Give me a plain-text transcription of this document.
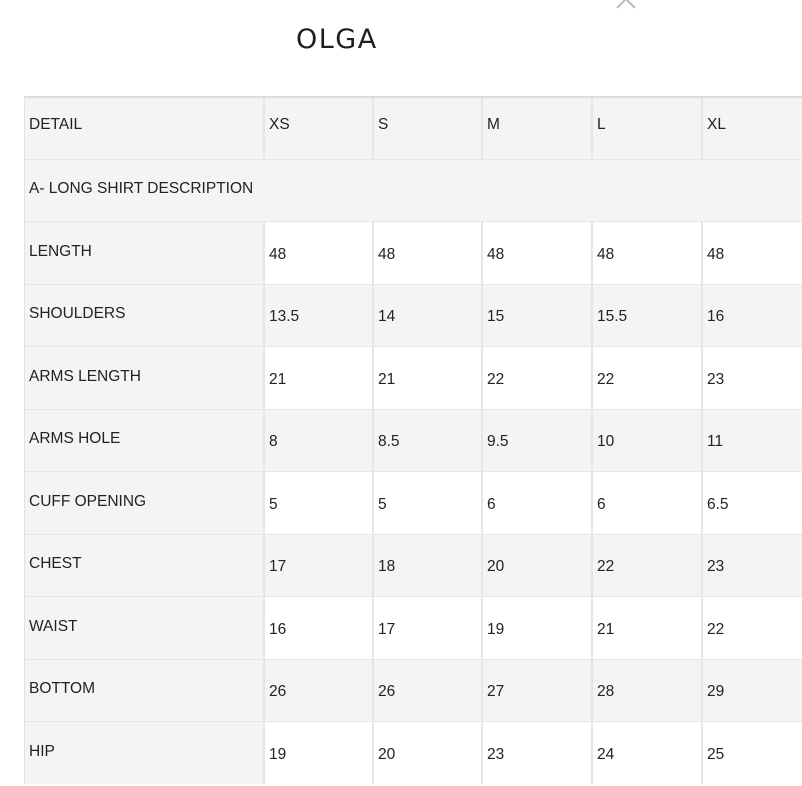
OLGA
DETAIL	XS	S	M	L	XL
A- LONG SHIRT DESCRIPTION
LENGTH	48	48	48	48	48
SHOULDERS	13.5	14	15	15.5	16
ARMS LENGTH	21	21	22	22	23
ARMS HOLE	8	8.5	9.5	10	11
CUFF OPENING	5	5	6	6	6.5
CHEST	17	18	20	22	23
WAIST	16	17	19	21	22
BOTTOM	26	26	27	28	29
HIP	19	20	23	24	25
